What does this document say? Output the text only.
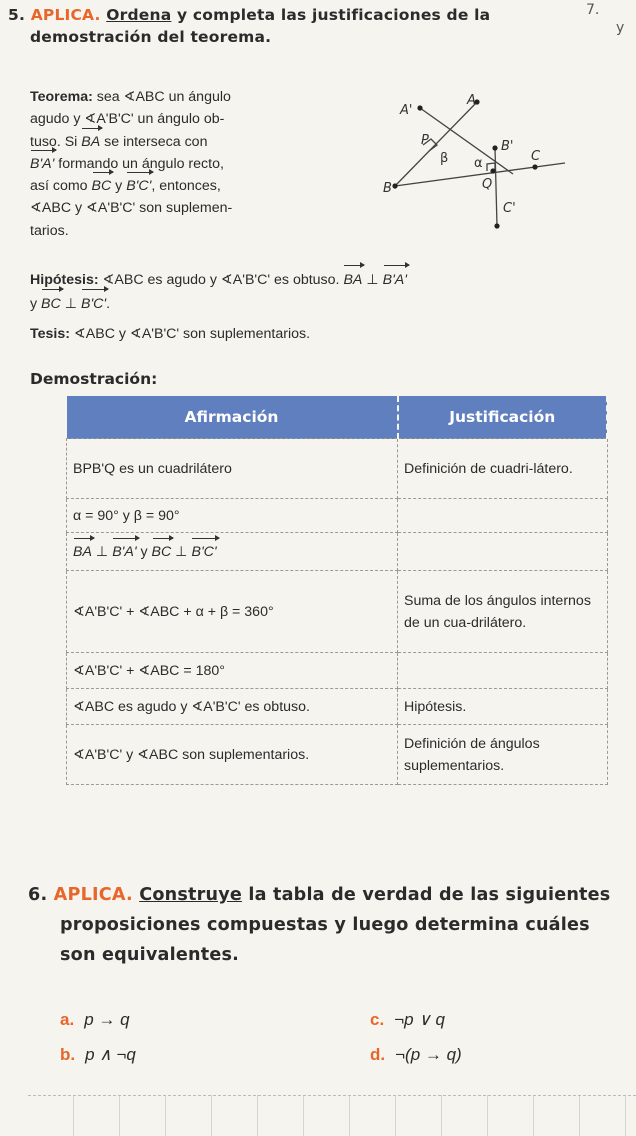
5. APLICA. Ordena y completa las justificaciones de la
demostración del teorema.
7.
y
Teorema: sea ∢ABC un ángulo
agudo y ∢A'B'C' un ángulo ob-
tuso. Si BA se interseca con
B'A' formando un ángulo recto,
así como BC y B'C', entonces,
∢ABC y ∢A'B'C' son suplemen-
tarios.
A'
A
P
β α
B'
C
B	Q
C'
Hipótesis: ∢ABC es agudo y ∢A'B'C' es obtuso. BA ⊥ B'A'
y BC ⊥ B'C'.
Tesis: ∢ABC y ∢A'B'C' son suplementarios.
Demostración:
Afirmación	Justificación
BPB'Q es un cuadrilátero	Definición de cuadri-látero.
α = 90° y β = 90°	
BA ⊥ B'A' y BC ⊥ B'C'	
∢A'B'C' + ∢ABC + α + β = 360°	Suma de los ángulos internos de un cua-drilátero.
∢A'B'C' + ∢ABC = 180°	
∢ABC es agudo y ∢A'B'C' es obtuso.	Hipótesis.
∢A'B'C' y ∢ABC son suplementarios.	Definición de ángulos suplementarios.
6. APLICA. Construye la tabla de verdad de las siguientes
proposiciones compuestas y luego determina cuáles
son equivalentes.
a. p → q
b. p ∧ ¬q
c. ¬p ∨ q
d. ¬(p → q)
